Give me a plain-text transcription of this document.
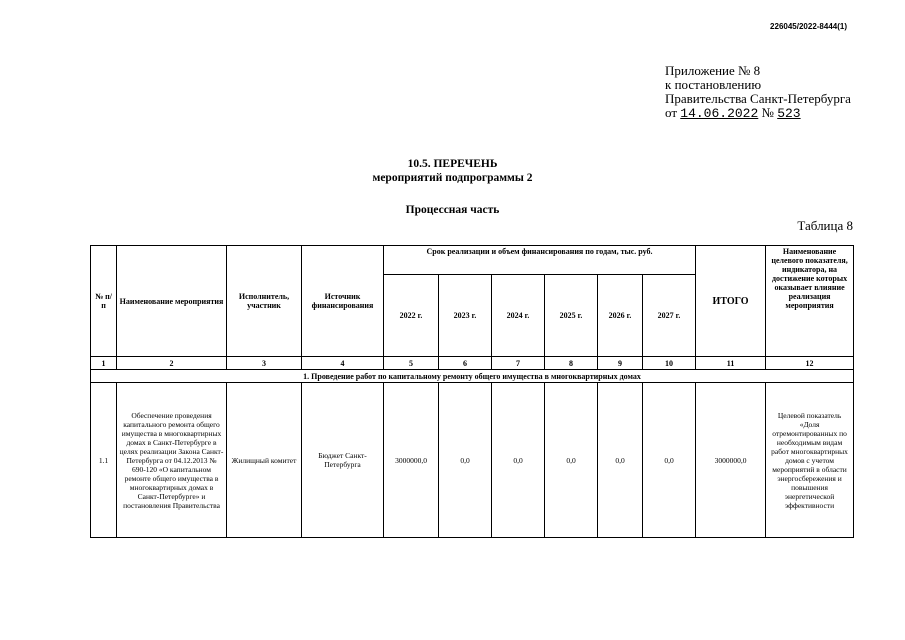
226045/2022-8444(1)
Приложение № 8
к постановлению
Правительства Санкт-Петербурга
от 14.06.2022 № 523
10.5. ПЕРЕЧЕНЬ
мероприятий подпрограммы 2
Процессная часть
Таблица 8
№ п/п	Наименование мероприятия	Исполнитель, участник	Источник финансирования	Срок реализации и объем финансирования по годам, тыс. руб.						ИТОГО	Наименование целевого показателя, индикатора, на достижение которых оказывает влияние реализация мероприятия
				2022 г.	2023 г.	2024 г.	2025 г.	2026 г.	2027 г.		
1	2	3	4	5	6	7	8	9	10	11	12
1. Проведение работ по капитальному ремонту общего имущества в многоквартирных домах											
1.1	Обеспечение проведения капитального ремонта общего имущества в многоквартирных домах в Санкт-Петербурге в целях реализации Закона Санкт-Петербурга от 04.12.2013 № 690-120 «О капитальном ремонте общего имущества в многоквартирных домах в Санкт-Петербурге» и постановления Правительства	Жилищный комитет	Бюджет Санкт-Петербурга	3000000,0	0,0	0,0	0,0	0,0	0,0	3000000,0	Целевой показатель «Доля отремонтированных по необходимым видам работ многоквартирных домов с учетом мероприятий в области энергосбережения и повышения энергетической эффективности
